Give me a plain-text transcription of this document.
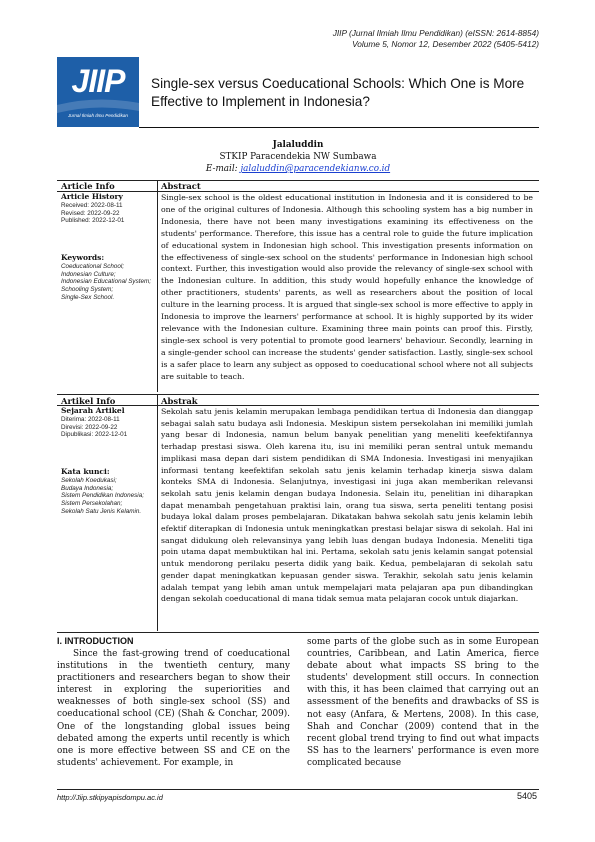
JIIP (Jurnal Ilmiah Ilmu Pendidikan) (eISSN: 2614-8854)
Volume 5, Nomor 12, Desember 2022 (5405-5412)
JIIP
Jurnal Ilmiah Ilmu Pendidikan
Single-sex versus Coeducational Schools: Which One is More Effective to Implement in Indonesia?
Jalaluddin
STKIP Paracendekia NW Sumbawa
E-mail: jalaluddin@paracendekianw.co.id
Article Info	Abstract
Article History
Received: 2022-08-11
Revised: 2022-09-22
Published: 2022-12-01
Keywords:
Coeducational School;
Indonesian Culture;
Indonesian Educational System;
Schooling System;
Single-Sex School.
Single-sex school is the oldest educational institution in Indonesia and it is considered to be one of the original cultures of Indonesia. Although this schooling system has a big number in Indonesia, there have not been many investigations examining its effectiveness on the students' performance. Therefore, this issue has a central role to guide the future implication of educational system in Indonesian high school. This investigation presents information on the effectiveness of single-sex school on the students' performance in Indonesian high school context. Further, this investigation would also provide the relevancy of single-sex school with the Indonesian culture. In addition, this study would hopefully enhance the knowledge of other practitioners, students' parents, as well as researchers about the position of local culture in the learning process. It is argued that single-sex school is more effective to apply in Indonesia to improve the learners' performance at school. It is highly supported by its wider relevance with the Indonesian culture. Examining three main points can proof this. Firstly, single-sex school is very potential to promote good learners' behaviour. Secondly, learning in a single-gender school can increase the students' gender satisfaction. Lastly, single-sex school is a safer place to learn any subject as opposed to coeducational school where not all subjects are suitable to teach.
Artikel Info	Abstrak
Sejarah Artikel
Diterima: 2022-08-11
Direvisi: 2022-09-22
Dipublikasi: 2022-12-01
Kata kunci:
Sekolah Koedukasi;
Budaya Indonesia;
Sistem Pendidikan Indonesia;
Sistem Persekolahan;
Sekolah Satu Jenis Kelamin.
Sekolah satu jenis kelamin merupakan lembaga pendidikan tertua di Indonesia dan dianggap sebagai salah satu budaya asli Indonesia. Meskipun sistem persekolahan ini memiliki jumlah yang besar di Indonesia, namun belum banyak penelitian yang meneliti keefektifannya terhadap prestasi siswa. Oleh karena itu, isu ini memiliki peran sentral untuk memandu implikasi masa depan dari sistem pendidikan di SMA Indonesia. Investigasi ini menyajikan informasi tentang keefektifan sekolah satu jenis kelamin terhadap kinerja siswa dalam konteks SMA di Indonesia. Selanjutnya, investigasi ini juga akan memberikan relevansi sekolah satu jenis kelamin dengan budaya Indonesia. Selain itu, penelitian ini diharapkan dapat menambah pengetahuan praktisi lain, orang tua siswa, serta peneliti tentang posisi budaya lokal dalam proses pembelajaran. Dikatakan bahwa sekolah satu jenis kelamin lebih efektif diterapkan di Indonesia untuk meningkatkan prestasi belajar siswa di sekolah. Hal ini sangat didukung oleh relevansinya yang lebih luas dengan budaya Indonesia. Meneliti tiga poin utama dapat membuktikan hal ini. Pertama, sekolah satu jenis kelamin sangat potensial untuk mendorong perilaku peserta didik yang baik. Kedua, pembelajaran di sekolah satu gender dapat meningkatkan kepuasan gender siswa. Terakhir, sekolah satu jenis kelamin adalah tempat yang lebih aman untuk mempelajari mata pelajaran apa pun dibandingkan dengan sekolah coeducational di mana tidak semua mata pelajaran cocok untuk diajarkan.
I. INTRODUCTION

Since the fast-growing trend of coeducational institutions in the twentieth century, many practitioners and researchers began to show their interest in exploring the superiorities and weaknesses of both single-sex school (SS) and coeducational school (CE) (Shah & Conchar, 2009). One of the longstanding global issues being debated among the experts until recently is which one is more effective between SS and CE on the students' achievement. For example, in

some parts of the globe such as in some European countries, Caribbean, and Latin America, fierce debate about what impacts SS bring to the students' development still occurs. In connection with this, it has been claimed that carrying out an assessment of the benefits and drawbacks of SS is not easy (Anfara, & Mertens, 2008). In this case, Shah and Conchar (2009) contend that in the recent global trend trying to find out what impacts SS has to the learners' performance is even more complicated because

http://Jiip.stkipyapisdompu.ac.id	5405
